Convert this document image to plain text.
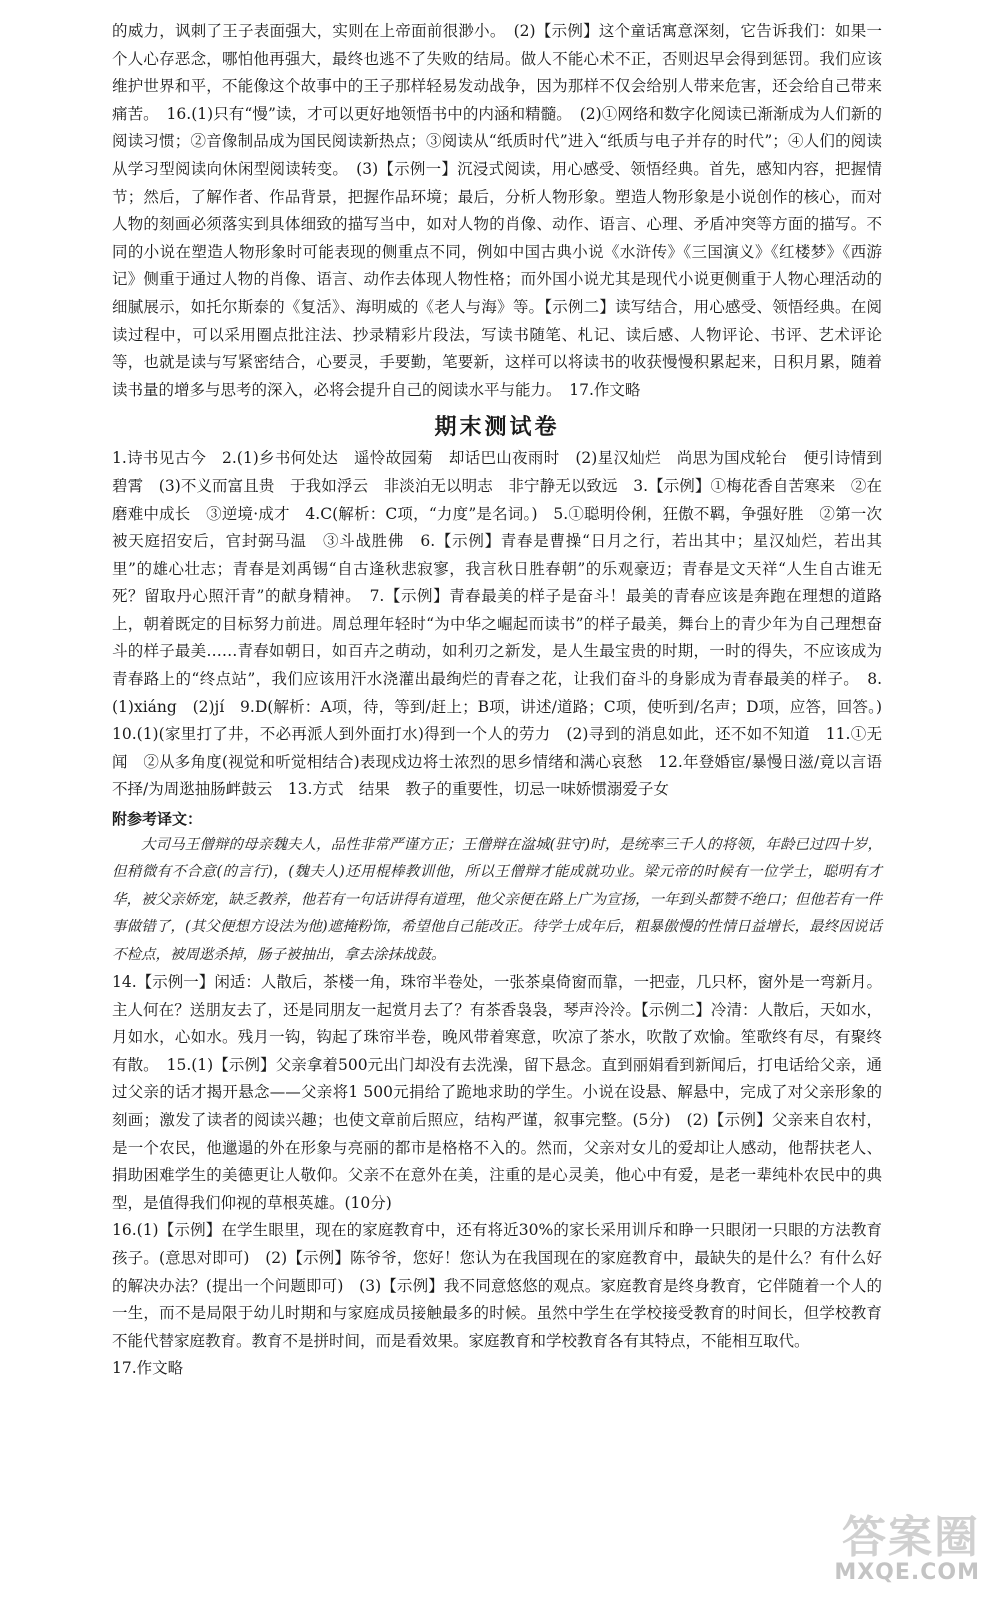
的威力，讽刺了王子表面强大，实则在上帝面前很渺小。　(2)【示例】这个童话寓意深刻，它告诉我们：如果一个人心存恶念，哪怕他再强大，最终也逃不了失败的结局。做人不能心术不正，否则迟早会得到惩罚。我们应该维护世界和平，不能像这个故事中的王子那样轻易发动战争，因为那样不仅会给别人带来危害，还会给自己带来痛苦。　16.(1)只有“慢”读，才可以更好地领悟书中的内涵和精髓。　(2)①网络和数字化阅读已渐渐成为人们新的阅读习惯；②音像制品成为国民阅读新热点；③阅读从“纸质时代”进入“纸质与电子并存的时代”；④人们的阅读从学习型阅读向休闲型阅读转变。　(3)【示例一】沉浸式阅读，用心感受、领悟经典。首先，感知内容，把握情节；然后，了解作者、作品背景，把握作品环境；最后，分析人物形象。塑造人物形象是小说创作的核心，而对人物的刻画必须落实到具体细致的描写当中，如对人物的肖像、动作、语言、心理、矛盾冲突等方面的描写。不同的小说在塑造人物形象时可能表现的侧重点不同，例如中国古典小说《水浒传》《三国演义》《红楼梦》《西游记》侧重于通过人物的肖像、语言、动作去体现人物性格；而外国小说尤其是现代小说更侧重于人物心理活动的细腻展示，如托尔斯泰的《复活》、海明威的《老人与海》等。【示例二】读写结合，用心感受、领悟经典。在阅读过程中，可以采用圈点批注法、抄录精彩片段法，写读书随笔、札记、读后感、人物评论、书评、艺术评论等，也就是读与写紧密结合，心要灵，手要勤，笔要新，这样可以将读书的收获慢慢积累起来，日积月累，随着读书量的增多与思考的深入，必将会提升自己的阅读水平与能力。　17.作文略

期末测试卷

1.诗书见古今　2.(1)乡书何处达　遥怜故园菊　却话巴山夜雨时　(2)星汉灿烂　尚思为国戍轮台　便引诗情到碧霄　(3)不义而富且贵　于我如浮云　非淡泊无以明志　非宁静无以致远　3.【示例】①梅花香自苦寒来　②在磨难中成长　③逆境·成才　4.C(解析：C项，“力度”是名词。)　5.①聪明伶俐，狂傲不羁，争强好胜　②第一次被天庭招安后，官封弼马温　③斗战胜佛　6.【示例】青春是曹操“日月之行，若出其中；星汉灿烂，若出其里”的雄心壮志；青春是刘禹锡“自古逢秋悲寂寥，我言秋日胜春朝”的乐观豪迈；青春是文天祥“人生自古谁无死？留取丹心照汗青”的献身精神。　7.【示例】青春最美的样子是奋斗！最美的青春应该是奔跑在理想的道路上，朝着既定的目标努力前进。周总理年轻时“为中华之崛起而读书”的样子最美，舞台上的青少年为自己理想奋斗的样子最美……青春如朝日，如百卉之萌动，如利刃之新发，是人生最宝贵的时期，一时的得失，不应该成为青春路上的“终点站”，我们应该用汗水浇灌出最绚烂的青春之花，让我们奋斗的身影成为青春最美的样子。　8.(1)xiáng　(2)jí　9.D(解析：A项，待，等到/赶上；B项，讲述/道路；C项，使听到/名声；D项，应答，回答。)　10.(1)(家里打了井，不必再派人到外面打水)得到一个人的劳力　(2)寻到的消息如此，还不如不知道　11.①无闻　②从多角度(视觉和听觉相结合)表现戍边将士浓烈的思乡情绪和满心哀愁　12.年登婚宦/暴慢日滋/竟以言语不择/为周逖抽肠衅鼓云　13.方式　结果　教子的重要性，切忌一味娇惯溺爱子女

附参考译文：

大司马王僧辩的母亲魏夫人，品性非常严谨方正；王僧辩在湓城(驻守)时，是统率三千人的将领，年龄已过四十岁，但稍微有不合意(的言行)，(魏夫人)还用棍棒教训他，所以王僧辩才能成就功业。梁元帝的时候有一位学士，聪明有才华，被父亲娇宠，缺乏教养，他若有一句话讲得有道理，他父亲便在路上广为宣扬，一年到头都赞不绝口；但他若有一件事做错了，(其父便想方设法为他)遮掩粉饰，希望他自己能改正。待学士成年后，粗暴傲慢的性情日益增长，最终因说话不检点，被周逖杀掉，肠子被抽出，拿去涂抹战鼓。

14.【示例一】闲适：人散后，茶楼一角，珠帘半卷处，一张茶桌倚窗而靠，一把壶，几只杯，窗外是一弯新月。主人何在？送朋友去了，还是同朋友一起赏月去了？有茶香袅袅，琴声泠泠。【示例二】冷清：人散后，天如水，月如水，心如水。残月一钩，钩起了珠帘半卷，晚风带着寒意，吹凉了茶水，吹散了欢愉。笙歌终有尽，有聚终有散。　15.(1)【示例】父亲拿着500元出门却没有去洗澡，留下悬念。直到丽娟看到新闻后，打电话给父亲，通过父亲的话才揭开悬念——父亲将1 500元捐给了跪地求助的学生。小说在设悬、解悬中，完成了对父亲形象的刻画；激发了读者的阅读兴趣；也使文章前后照应，结构严谨，叙事完整。(5分)　(2)【示例】父亲来自农村，是一个农民，他邋遢的外在形象与亮丽的都市是格格不入的。然而，父亲对女儿的爱却让人感动，他帮扶老人、捐助困难学生的美德更让人敬仰。父亲不在意外在美，注重的是心灵美，他心中有爱，是老一辈纯朴农民中的典型，是值得我们仰视的草根英雄。(10分)

16.(1)【示例】在学生眼里，现在的家庭教育中，还有将近30%的家长采用训斥和睁一只眼闭一只眼的方法教育孩子。(意思对即可)　(2)【示例】陈爷爷，您好！您认为在我国现在的家庭教育中，最缺失的是什么？有什么好的解决办法？(提出一个问题即可)　(3)【示例】我不同意悠悠的观点。家庭教育是终身教育，它伴随着一个人的一生，而不是局限于幼儿时期和与家庭成员接触最多的时候。虽然中学生在学校接受教育的时间长，但学校教育不能代替家庭教育。教育不是拼时间，而是看效果。家庭教育和学校教育各有其特点，不能相互取代。

17.作文略

答案圈
MXQE.COM
